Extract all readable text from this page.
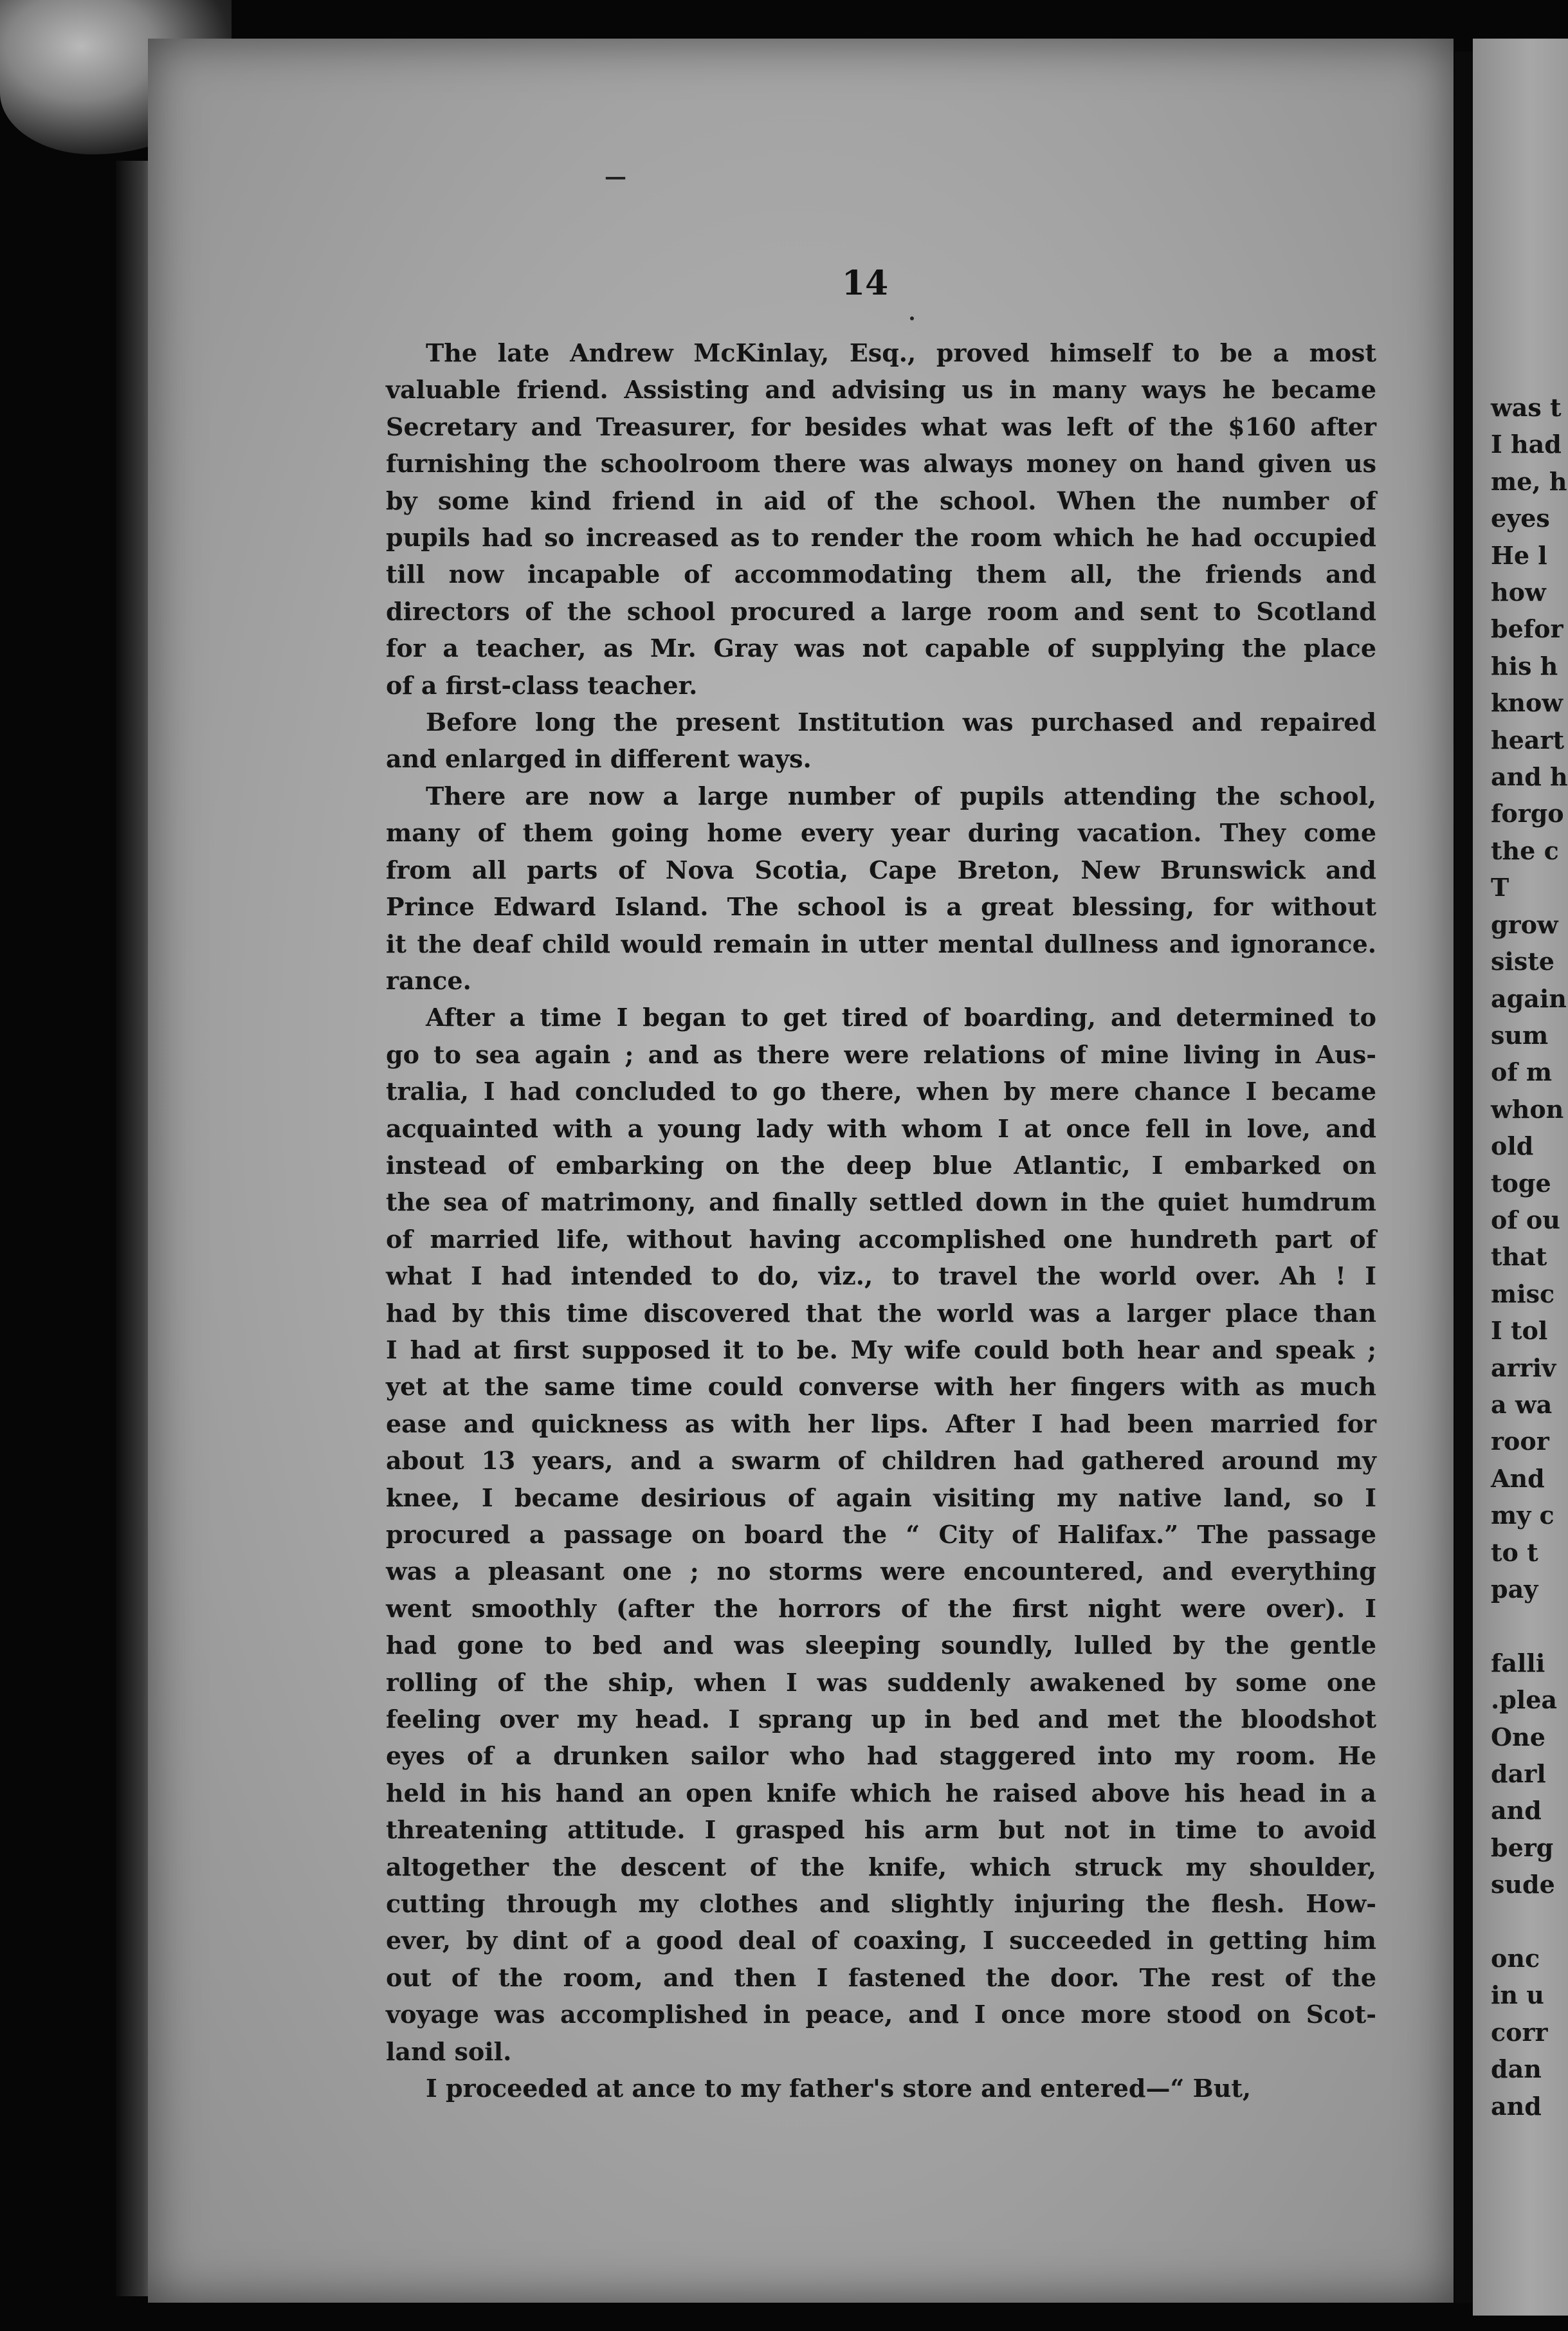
was t
I had
me, h
eyes
He l
how
befor
his h
know
heart
and h
forgo
the c
T
grow
siste
again
sum
of m
whon
old
toge
of ou
that
misc
I tol
arriv
a wa
roor
And
my c
to t
pay

falli
.plea
One
darl
and
berg
sude

onc
in u
corr
dan
and
—
14
The late Andrew McKinlay, Esq., proved himself to be a most
valuable friend. Assisting and advising us in many ways he became
Secretary and Treasurer, for besides what was left of the $160 after
furnishing the schoolroom there was always money on hand given us
by some kind friend in aid of the school. When the number of
pupils had so increased as to render the room which he had occupied
till now incapable of accommodating them all, the friends and
directors of the school procured a large room and sent to Scotland
for a teacher, as Mr. Gray was not capable of supplying the place
of a first-class teacher.
Before long the present Institution was purchased and repaired
and enlarged in different ways.
There are now a large number of pupils attending the school,
many of them going home every year during vacation. They come
from all parts of Nova Scotia, Cape Breton, New Brunswick and
Prince Edward Island. The school is a great blessing, for without
it the deaf child would remain in utter mental dullness and ignorance.
rance.
After a time I began to get tired of boarding, and determined to
go to sea again ; and as there were relations of mine living in Aus-
tralia, I had concluded to go there, when by mere chance I became
acquainted with a young lady with whom I at once fell in love, and
instead of embarking on the deep blue Atlantic, I embarked on
the sea of matrimony, and finally settled down in the quiet humdrum
of married life, without having accomplished one hundreth part of
what I had intended to do, viz., to travel the world over. Ah ! I
had by this time discovered that the world was a larger place than
I had at first supposed it to be. My wife could both hear and speak ;
yet at the same time could converse with her fingers with as much
ease and quickness as with her lips. After I had been married for
about 13 years, and a swarm of children had gathered around my
knee, I became desirious of again visiting my native land, so I
procured a passage on board the “ City of Halifax.” The passage
was a pleasant one ; no storms were encountered, and everything
went smoothly (after the horrors of the first night were over). I
had gone to bed and was sleeping soundly, lulled by the gentle
rolling of the ship, when I was suddenly awakened by some one
feeling over my head. I sprang up in bed and met the bloodshot
eyes of a drunken sailor who had staggered into my room. He
held in his hand an open knife which he raised above his head in a
threatening attitude. I grasped his arm but not in time to avoid
altogether the descent of the knife, which struck my shoulder,
cutting through my clothes and slightly injuring the flesh. How-
ever, by dint of a good deal of coaxing, I succeeded in getting him
out of the room, and then I fastened the door. The rest of the
voyage was accomplished in peace, and I once more stood on Scot-
land soil.
I proceeded at ance to my father's store and entered—“ But,
